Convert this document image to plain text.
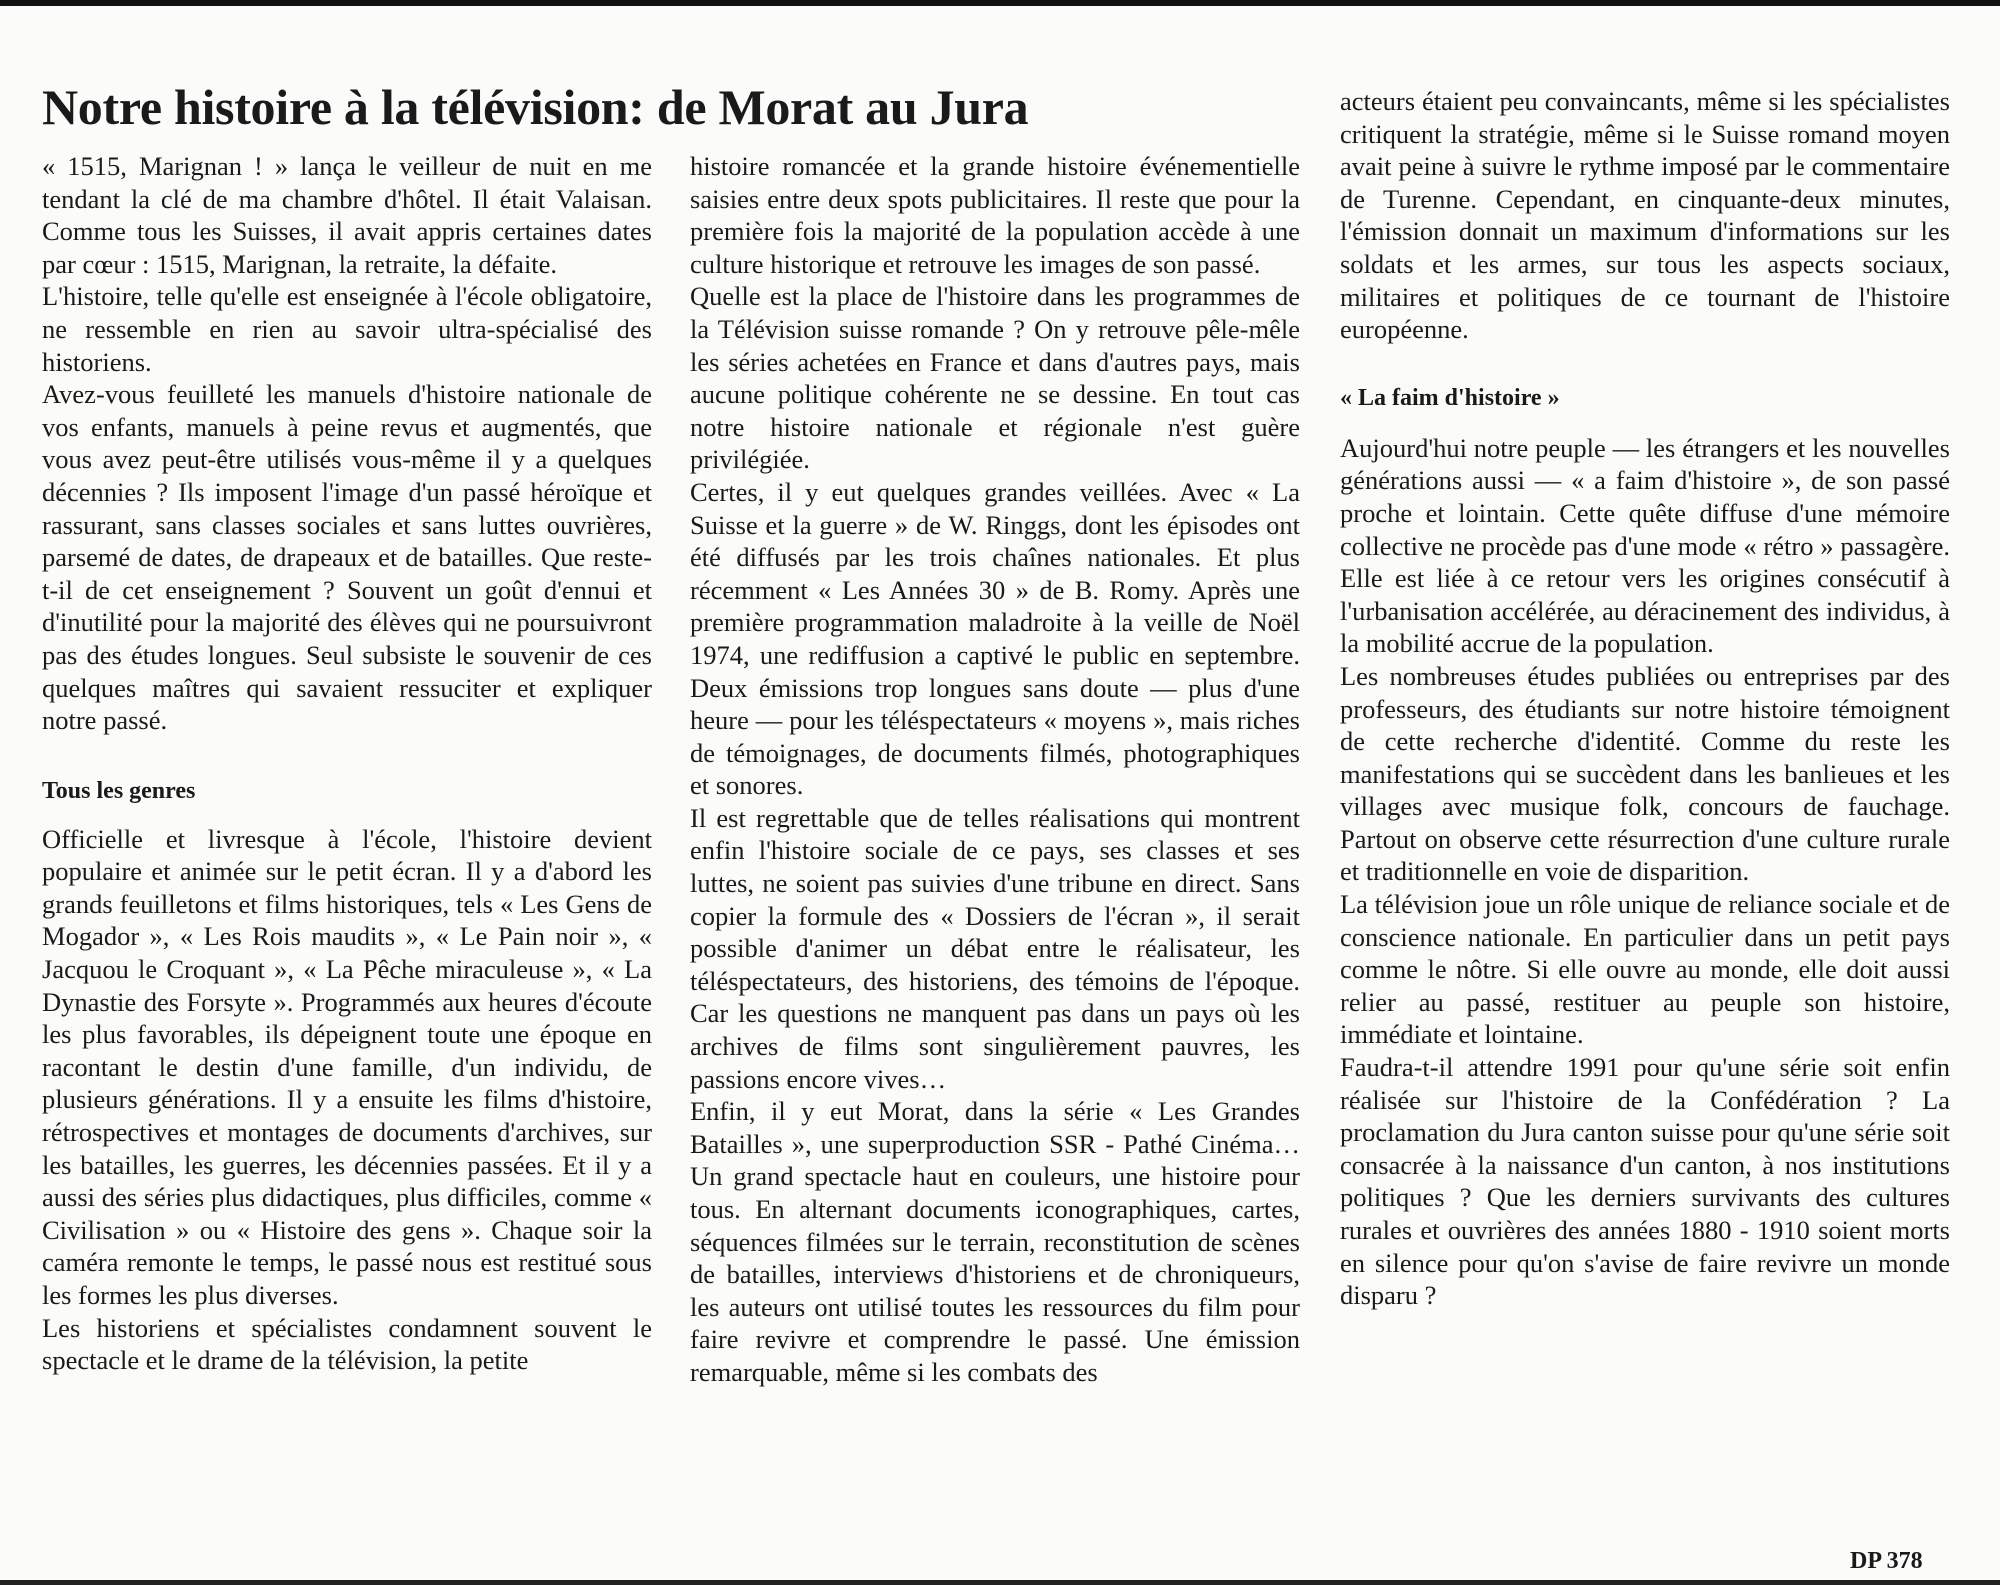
Notre histoire à la télévision: de Morat au Jura

« 1515, Marignan ! » lança le veilleur de nuit en me tendant la clé de ma chambre d'hôtel. Il était Valaisan. Comme tous les Suisses, il avait appris certaines dates par cœur : 1515, Marignan, la retraite, la défaite.

L'histoire, telle qu'elle est enseignée à l'école obligatoire, ne ressemble en rien au savoir ultra-spécialisé des historiens.

Avez-vous feuilleté les manuels d'histoire nationale de vos enfants, manuels à peine revus et augmentés, que vous avez peut-être utilisés vous-même il y a quelques décennies ? Ils imposent l'image d'un passé héroïque et rassurant, sans classes sociales et sans luttes ouvrières, parsemé de dates, de drapeaux et de batailles. Que reste-t-il de cet enseignement ? Souvent un goût d'ennui et d'inutilité pour la majorité des élèves qui ne poursuivront pas des études longues. Seul subsiste le souvenir de ces quelques maîtres qui savaient ressuciter et expliquer notre passé.

Tous les genres

Officielle et livresque à l'école, l'histoire devient populaire et animée sur le petit écran. Il y a d'abord les grands feuilletons et films historiques, tels « Les Gens de Mogador », « Les Rois maudits », « Le Pain noir », « Jacquou le Croquant », « La Pêche miraculeuse », « La Dynastie des Forsyte ». Programmés aux heures d'écoute les plus favorables, ils dépeignent toute une époque en racontant le destin d'une famille, d'un individu, de plusieurs générations. Il y a ensuite les films d'histoire, rétrospectives et montages de documents d'archives, sur les batailles, les guerres, les décennies passées. Et il y a aussi des séries plus didactiques, plus difficiles, comme « Civilisation » ou « Histoire des gens ». Chaque soir la caméra remonte le temps, le passé nous est restitué sous les formes les plus diverses.

Les historiens et spécialistes condamnent souvent le spectacle et le drame de la télévision, la petite

histoire romancée et la grande histoire événementielle saisies entre deux spots publicitaires. Il reste que pour la première fois la majorité de la population accède à une culture historique et retrouve les images de son passé.

Quelle est la place de l'histoire dans les programmes de la Télévision suisse romande ? On y retrouve pêle-mêle les séries achetées en France et dans d'autres pays, mais aucune politique cohérente ne se dessine. En tout cas notre histoire nationale et régionale n'est guère privilégiée.

Certes, il y eut quelques grandes veillées. Avec « La Suisse et la guerre » de W. Ringgs, dont les épisodes ont été diffusés par les trois chaînes nationales. Et plus récemment « Les Années 30 » de B. Romy. Après une première programmation maladroite à la veille de Noël 1974, une rediffusion a captivé le public en septembre. Deux émissions trop longues sans doute — plus d'une heure — pour les téléspectateurs « moyens », mais riches de témoignages, de documents filmés, photographiques et sonores.

Il est regrettable que de telles réalisations qui montrent enfin l'histoire sociale de ce pays, ses classes et ses luttes, ne soient pas suivies d'une tribune en direct. Sans copier la formule des « Dossiers de l'écran », il serait possible d'animer un débat entre le réalisateur, les téléspectateurs, des historiens, des témoins de l'époque. Car les questions ne manquent pas dans un pays où les archives de films sont singulièrement pauvres, les passions encore vives…

Enfin, il y eut Morat, dans la série « Les Grandes Batailles », une superproduction SSR - Pathé Cinéma… Un grand spectacle haut en couleurs, une histoire pour tous. En alternant documents iconographiques, cartes, séquences filmées sur le terrain, reconstitution de scènes de batailles, interviews d'historiens et de chroniqueurs, les auteurs ont utilisé toutes les ressources du film pour faire revivre et comprendre le passé. Une émission remarquable, même si les combats des

acteurs étaient peu convaincants, même si les spécialistes critiquent la stratégie, même si le Suisse romand moyen avait peine à suivre le rythme imposé par le commentaire de Turenne. Cependant, en cinquante-deux minutes, l'émission donnait un maximum d'informations sur les soldats et les armes, sur tous les aspects sociaux, militaires et politiques de ce tournant de l'histoire européenne.

« La faim d'histoire »

Aujourd'hui notre peuple — les étrangers et les nouvelles générations aussi — « a faim d'histoire », de son passé proche et lointain. Cette quête diffuse d'une mémoire collective ne procède pas d'une mode « rétro » passagère. Elle est liée à ce retour vers les origines consécutif à l'urbanisation accélérée, au déracinement des individus, à la mobilité accrue de la population.

Les nombreuses études publiées ou entreprises par des professeurs, des étudiants sur notre histoire témoignent de cette recherche d'identité. Comme du reste les manifestations qui se succèdent dans les banlieues et les villages avec musique folk, concours de fauchage. Partout on observe cette résurrection d'une culture rurale et traditionnelle en voie de disparition.

La télévision joue un rôle unique de reliance sociale et de conscience nationale. En particulier dans un petit pays comme le nôtre. Si elle ouvre au monde, elle doit aussi relier au passé, restituer au peuple son histoire, immédiate et lointaine.

Faudra-t-il attendre 1991 pour qu'une série soit enfin réalisée sur l'histoire de la Confédération ? La proclamation du Jura canton suisse pour qu'une série soit consacrée à la naissance d'un canton, à nos institutions politiques ? Que les derniers survivants des cultures rurales et ouvrières des années 1880 - 1910 soient morts en silence pour qu'on s'avise de faire revivre un monde disparu ?

DP 378
